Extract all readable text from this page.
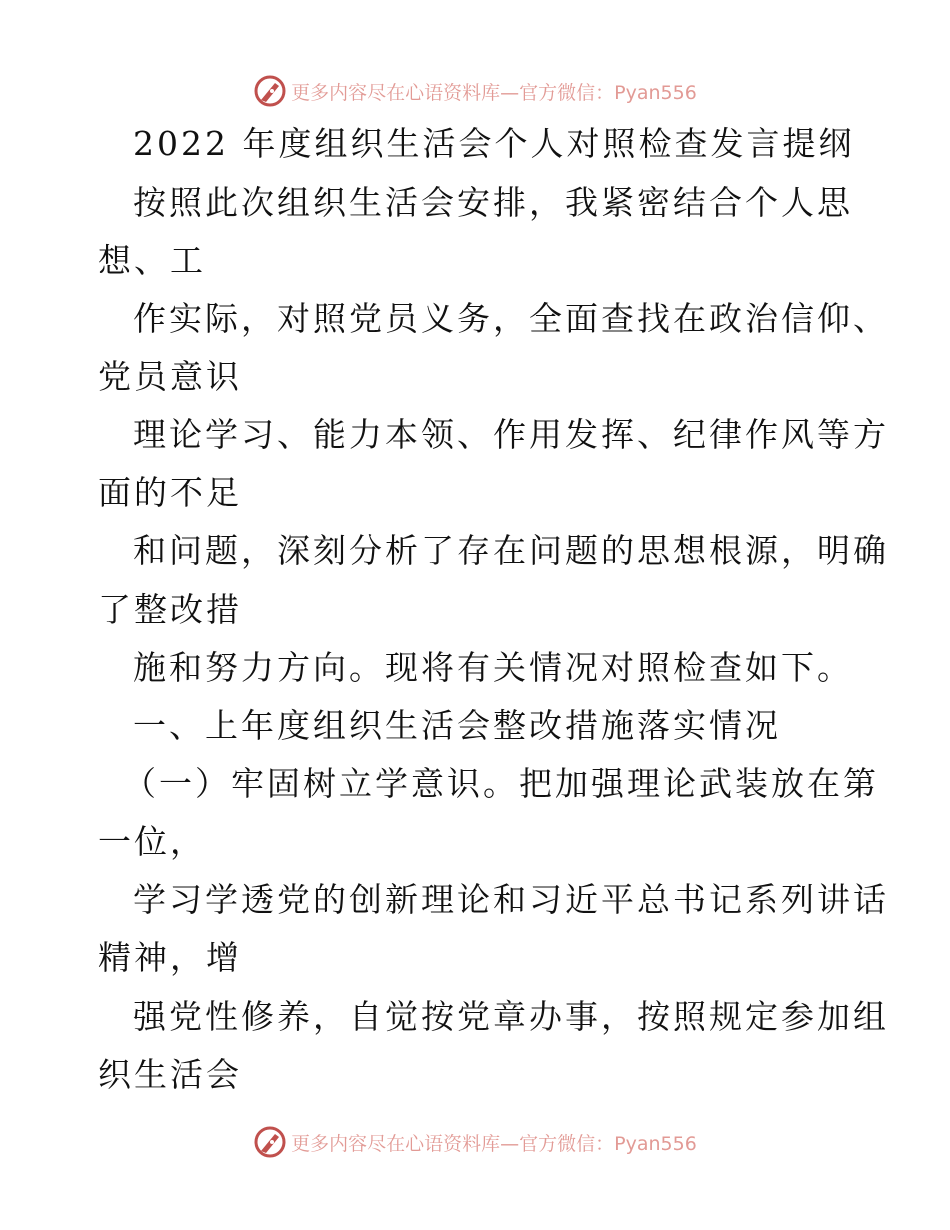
更多内容尽在心语资料库—官方微信：Pyan556
2022 年度组织生活会个人对照检查发言提纲
按照此次组织生活会安排，我紧密结合个人思
想、工
作实际，对照党员义务，全面查找在政治信仰、
党员意识
理论学习、能力本领、作用发挥、纪律作风等方
面的不足
和问题，深刻分析了存在问题的思想根源，明确
了整改措
施和努力方向。现将有关情况对照检查如下。
一、上年度组织生活会整改措施落实情况
（一）牢固树立学意识。把加强理论武装放在第
一位，
学习学透党的创新理论和习近平总书记系列讲话
精神，增
强党性修养，自觉按党章办事，按照规定参加组
织生活会
更多内容尽在心语资料库—官方微信：Pyan556
